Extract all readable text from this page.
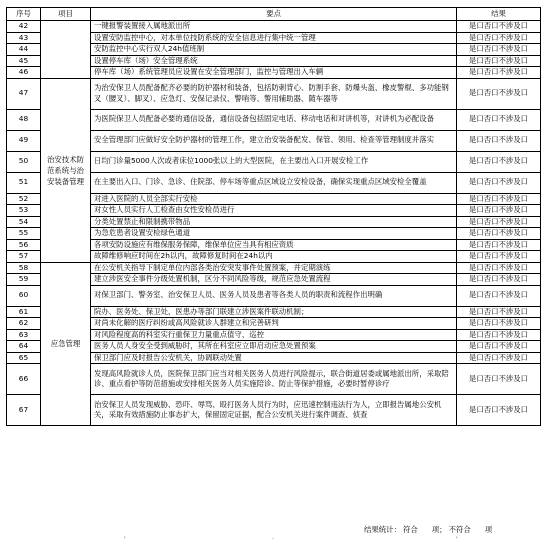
序号	项目	要点	结果
42		一键报警装置接入属地派出所	是口否口不涉及口
43		设置安防监控中心，对本单位技防系统的安全信息进行集中统一管理	是口否口不涉及口
44		安防监控中心实行双人24h值班制	是口否口不涉及口
45		设置停车库（场）安全管理系统	是口否口不涉及口
46		停车库（场）系统管理员应设置在安全管理部门，监控与管理出入车辆	是口否口不涉及口
47	治安技术防范系统与治安装备管理	为治安保卫人员配备配齐必要的防护器材和装备，包括防刺背心、防割手套、防爆头盔、橡皮警棍、多功能钢叉（腰叉）、脚叉）、应急灯、安保记录仪、警哨等、警用辅助器、随车器等	是口否口不涉及口
48		为医院保卫人员配备必要的通信设备，通信设备包括固定电话、移动电话和对讲机等，对讲机为必配设备	是口否口不涉及口
49		安全管理部门应做好安全防护器材的管理工作，建立治安装备配发、保管、领用、检查等管理制度并落实	是口否口不涉及口
50		日均门诊量5000人次或者床位1000张以上的大型医院，在主要出入口开展安检工作	是口否口不涉及口
51		在主要出入口、门诊、急诊、住院部、停车场等重点区域设立安检设备，确保实现重点区域安检全覆盖	是口否口不涉及口
52		对进入医院的人员全部实行安检	是口否口不涉及口
53		对女性人员实行人工检查由女性安检员进行	是口否口不涉及口
54		分类处置禁止和限制携带物品	是口否口不涉及口
55		为急危患者设置安检绿色通道	是口否口不涉及口
56		各项安防设施应有维保服务保障，维保单位应当具有相应资质	是口否口不涉及口
57		故障维修响应时间在2h以内，故障修复时间在24h以内	是口否口不涉及口
58	应急管理	在公安机关指导下制定单位内部各类治安突发事件处置预案，并定期演练	是口否口不涉及口
59		建立涉医安全事件分级处置机制，区分不同风险等级，规范应急处置流程	是口否口不涉及口
60		对保卫部门、警务室、治安保卫人员、医务人员及患者等各类人员的职责和流程作出明确	是口否口不涉及口
61		院办、医务处、保卫处、医患办等部门联建立涉医案件联动机制；	是口否口不涉及口
62		对尚未化解的医疗纠纷或高风险就诊人群建立和完善研判	是口否口不涉及口
63		对风险程度高的科室实行重保卫力量重点值守、巡控	是口否口不涉及口
64		医务人员人身安全受到威胁时，其所在科室应立即启动应急处置预案	是口否口不涉及口
65		保卫部门应及时报告公安机关，协调联动处置	是口否口不涉及口
66		发现高风险就诊人员，医院保卫部门应当对相关医务人员进行风险提示，联合街道居委或属地派出所，采取陪诊、重点看护等防范措施或安排相关医务人员实施陪诊、防止等保护措施，必要时暂停诊疗	是口否口不涉及口
67		治安保卫人员发现威胁、恐吓、辱骂、殴打医务人员行为时，应迅速控制违法行为人，立即报告属地公安机关，采取有效措施防止事态扩大，保留固定证据，配合公安机关进行案件调查、侦查	是口否口不涉及口
结果统计： 符合 项； 不符合 项
'	·	'
